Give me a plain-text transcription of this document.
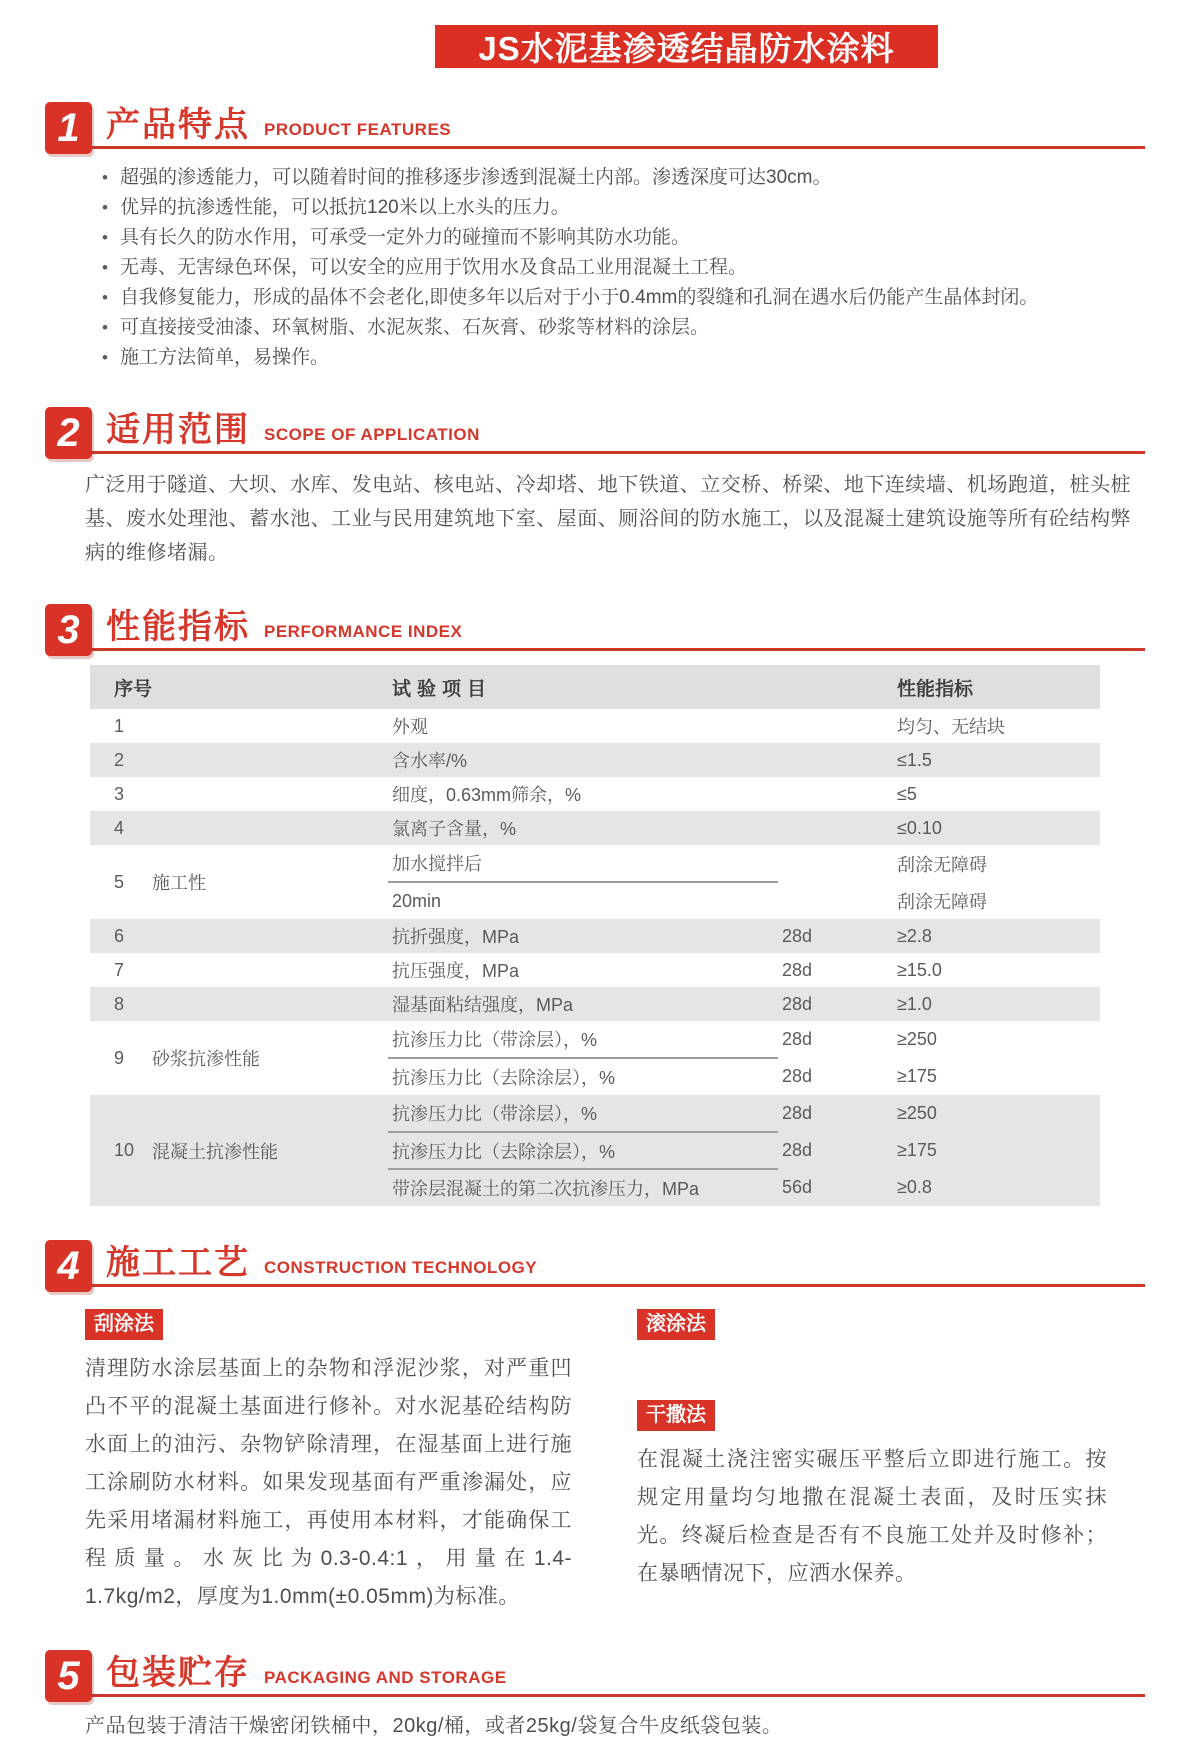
JS水泥基渗透结晶防水涂料
1 产品特点 PRODUCT FEATURES
• 超强的渗透能力，可以随着时间的推移逐步渗透到混凝土内部。渗透深度可达30cm。
• 优异的抗渗透性能，可以抵抗120米以上水头的压力。
• 具有长久的防水作用，可承受一定外力的碰撞而不影响其防水功能。
• 无毒、无害绿色环保，可以安全的应用于饮用水及食品工业用混凝土工程。
• 自我修复能力，形成的晶体不会老化,即使多年以后对于小于0.4mm的裂缝和孔洞在遇水后仍能产生晶体封闭。
• 可直接接受油漆、环氧树脂、水泥灰浆、石灰膏、砂浆等材料的涂层。
• 施工方法简单，易操作。
2 适用范围 SCOPE OF APPLICATION

广泛用于隧道、大坝、水库、发电站、核电站、冷却塔、地下铁道、立交桥、桥梁、地下连续墙、机场跑道，桩头桩基、废水处理池、蓄水池、工业与民用建筑地下室、屋面、厕浴间的防水施工，以及混凝土建筑设施等所有砼结构弊病的维修堵漏。

3 性能指标 PERFORMANCE INDEX
序号		试验项目		性能指标
1		外观		均匀、无结块
2		含水率/%		≤1.5
3		细度，0.63mm筛余，%		≤5
4		氯离子含量，%		≤0.10
5	施工性	加水搅拌后		刮涂无障碍
		20min		刮涂无障碍
6		抗折强度，MPa	28d	≥2.8
7		抗压强度，MPa	28d	≥15.0
8		湿基面粘结强度，MPa	28d	≥1.0
9	砂浆抗渗性能	抗渗压力比（带涂层），%	28d	≥250
		抗渗压力比（去除涂层），%	28d	≥175
10	混凝土抗渗性能	抗渗压力比（带涂层），%	28d	≥250
		抗渗压力比（去除涂层），%	28d	≥175
		带涂层混凝土的第二次抗渗压力，MPa	56d	≥0.8
4 施工工艺 CONSTRUCTION TECHNOLOGY
刮涂法

清理防水涂层基面上的杂物和浮泥沙浆，对严重凹凸不平的混凝土基面进行修补。对水泥基砼结构防水面上的油污、杂物铲除清理，在湿基面上进行施工涂刷防水材料。如果发现基面有严重渗漏处，应先采用堵漏材料施工，再使用本材料，才能确保工程质量。水灰比为0.3-0.4:1，用量在1.4-1.7kg/m2，厚度为1.0mm(±0.05mm)为标准。

滚涂法
干撒法

在混凝土浇注密实碾压平整后立即进行施工。按规定用量均匀地撒在混凝土表面，及时压实抹光。终凝后检查是否有不良施工处并及时修补；在暴晒情况下，应洒水保养。

5 包装贮存 PACKAGING AND STORAGE

产品包装于清洁干燥密闭铁桶中，20kg/桶，或者25kg/袋复合牛皮纸袋包装。
